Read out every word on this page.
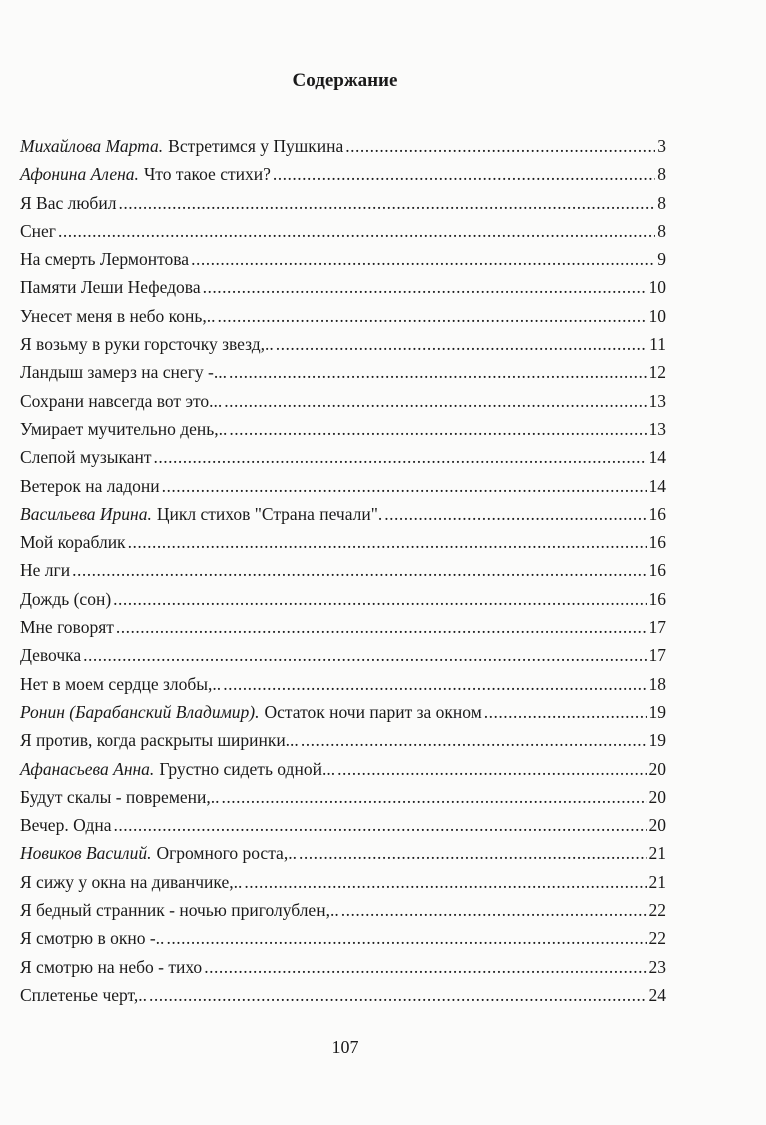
Содержание
Михайлова Марта. Встретимся у Пушкина .....	3
Афонина Алена. Что такое стихи? .....	8
Я Вас любил .....	8
Снег .....	8
На смерть Лермонтова .....	9
Памяти Леши Нефедова .....	10
Унесет меня в небо конь,.. .....	10
Я возьму в руки горсточку звезд,.. .....	11
Ландыш замерз на снегу -... .....	12
Сохрани навсегда вот это... .....	13
Умирает мучительно день,.. .....	13
Слепой музыкант .....	14
Ветерок на ладони .....	14
Васильева Ирина. Цикл стихов "Страна печали". .....	16
Мой кораблик .....	16
Не лги .....	16
Дождь (сон) .....	16
Мне говорят .....	17
Девочка .....	17
Нет в моем сердце злобы,.. .....	18
Ронин (Барабанский Владимир). Остаток ночи парит за окном .....	19
Я против, когда раскрыты ширинки... .....	19
Афанасьева Анна. Грустно сидеть одной... .....	20
Будут скалы - повремени,.. .....	20
Вечер. Одна .....	20
Новиков Василий. Огромного роста,.. .....	21
Я сижу у окна на диванчике,.. .....	21
Я бедный странник - ночью приголублен,.. .....	22
Я смотрю в окно -.. .....	22
Я смотрю на небо - тихо .....	23
Сплетенье черт,.. .....	24
107
